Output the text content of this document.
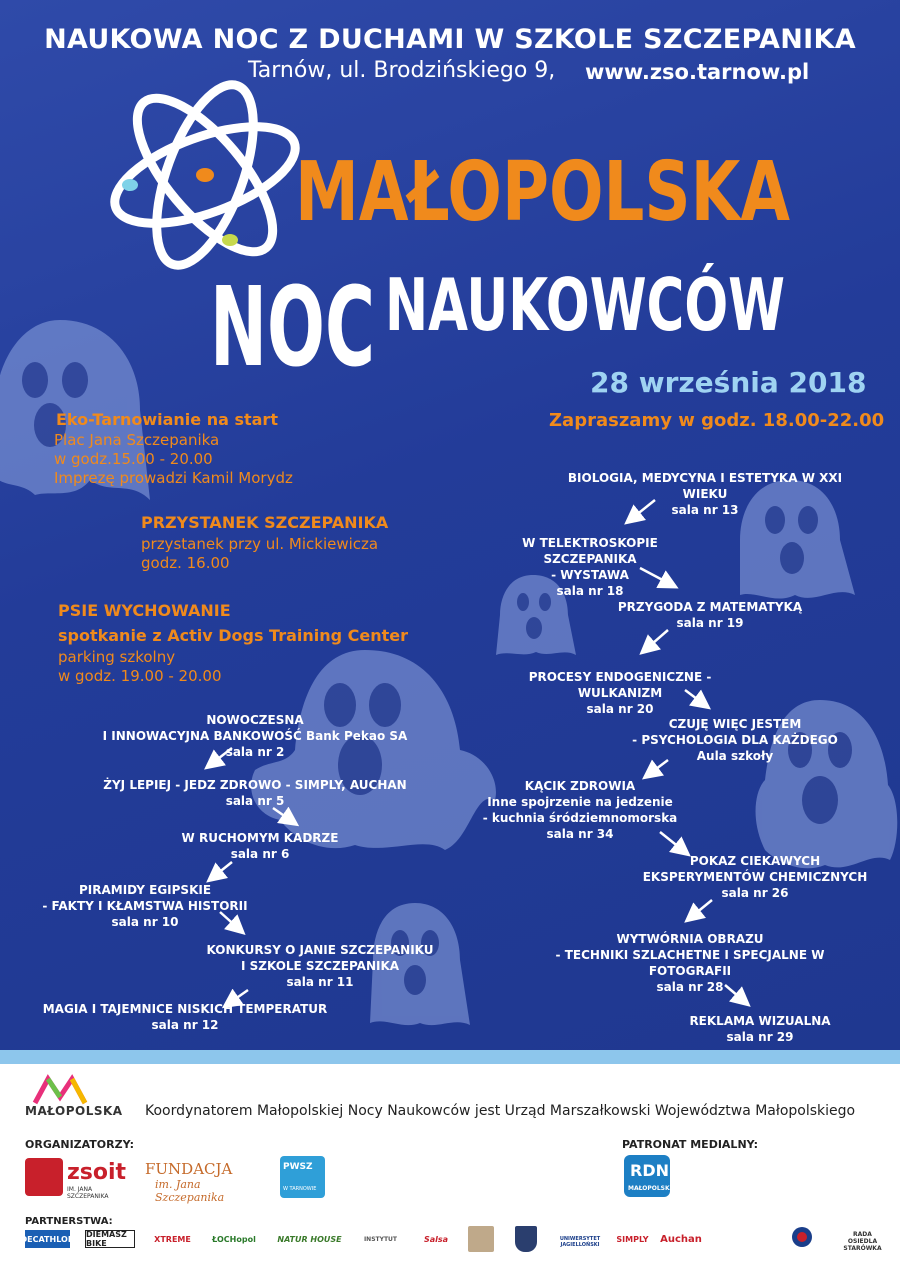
NAUKOWA NOC Z DUCHAMI W SZKOLE SZCZEPANIKA
Tarnów, ul. Brodzińskiego 9, www.zso.tarnow.pl
MAŁOPOLSKA
NOC NAUKOWCÓW
28 września 2018
Zapraszamy w godz. 18.00-22.00
Eko-Tarnowianie na start
Plac Jana Szczepanika
w godz.15.00 - 20.00
Imprezę prowadzi Kamil Morydz
PRZYSTANEK SZCZEPANIKA
przystanek przy ul. Mickiewicza
godz. 16.00
PSIE WYCHOWANIE
spotkanie z Activ Dogs Training Center
parking szkolny
w godz. 19.00 - 20.00
NOWOCZESNA
I INNOWACYJNA BANKOWOŚĆ Bank Pekao SA
sala nr 2
ŻYJ LEPIEJ - JEDZ ZDROWO - SIMPLY, AUCHAN
sala nr 5
W RUCHOMYM KADRZE
sala nr 6
PIRAMIDY EGIPSKIE
- FAKTY I KŁAMSTWA HISTORII
sala nr 10
KONKURSY O JANIE SZCZEPANIKU
I SZKOLE SZCZEPANIKA
sala nr 11
MAGIA I TAJEMNICE NISKICH TEMPERATUR
sala nr 12
BIOLOGIA, MEDYCYNA I ESTETYKA W XXI WIEKU
sala nr 13
W TELEKTROSKOPIE SZCZEPANIKA
- WYSTAWA
sala nr 18
PRZYGODA Z MATEMATYKĄ
sala nr 19
PROCESY ENDOGENICZNE - WULKANIZM
sala nr 20
CZUJĘ WIĘC JESTEM
- PSYCHOLOGIA DLA KAŻDEGO
Aula szkoły
KĄCIK ZDROWIA
Inne spojrzenie na jedzenie
- kuchnia śródziemnomorska
sala nr 34
POKAZ CIEKAWYCH
EKSPERYMENTÓW CHEMICZNYCH
sala nr 26
WYTWÓRNIA OBRAZU
- TECHNIKI SZLACHETNE I SPECJALNE W FOTOGRAFII
sala nr 28
REKLAMA WIZUALNA
sala nr 29
MAŁOPOLSKA Koordynatorem Małopolskiej Nocy Naukowców jest Urząd Marszałkowski Województwa Małopolskiego
ORGANIZATORZY:	PATRONAT MEDIALNY:
zsoit
IM. JANA SZCZEPANIKA
FUNDACJA
im. Jana Szczepanika
PWSZ
W TARNOWIE
RDN
MAŁOPOLSKA
PARTNERSTWA:
DECATHLON DIEMASZ BIKE	XTREME	ŁOCHopol	NATUR HOUSE	INSTYTUT	Salsa	UNIWERSYTET JAGIELLOŃSKI
SIMPLY Auchan	RADA OSIEDLA STARÓWKA
